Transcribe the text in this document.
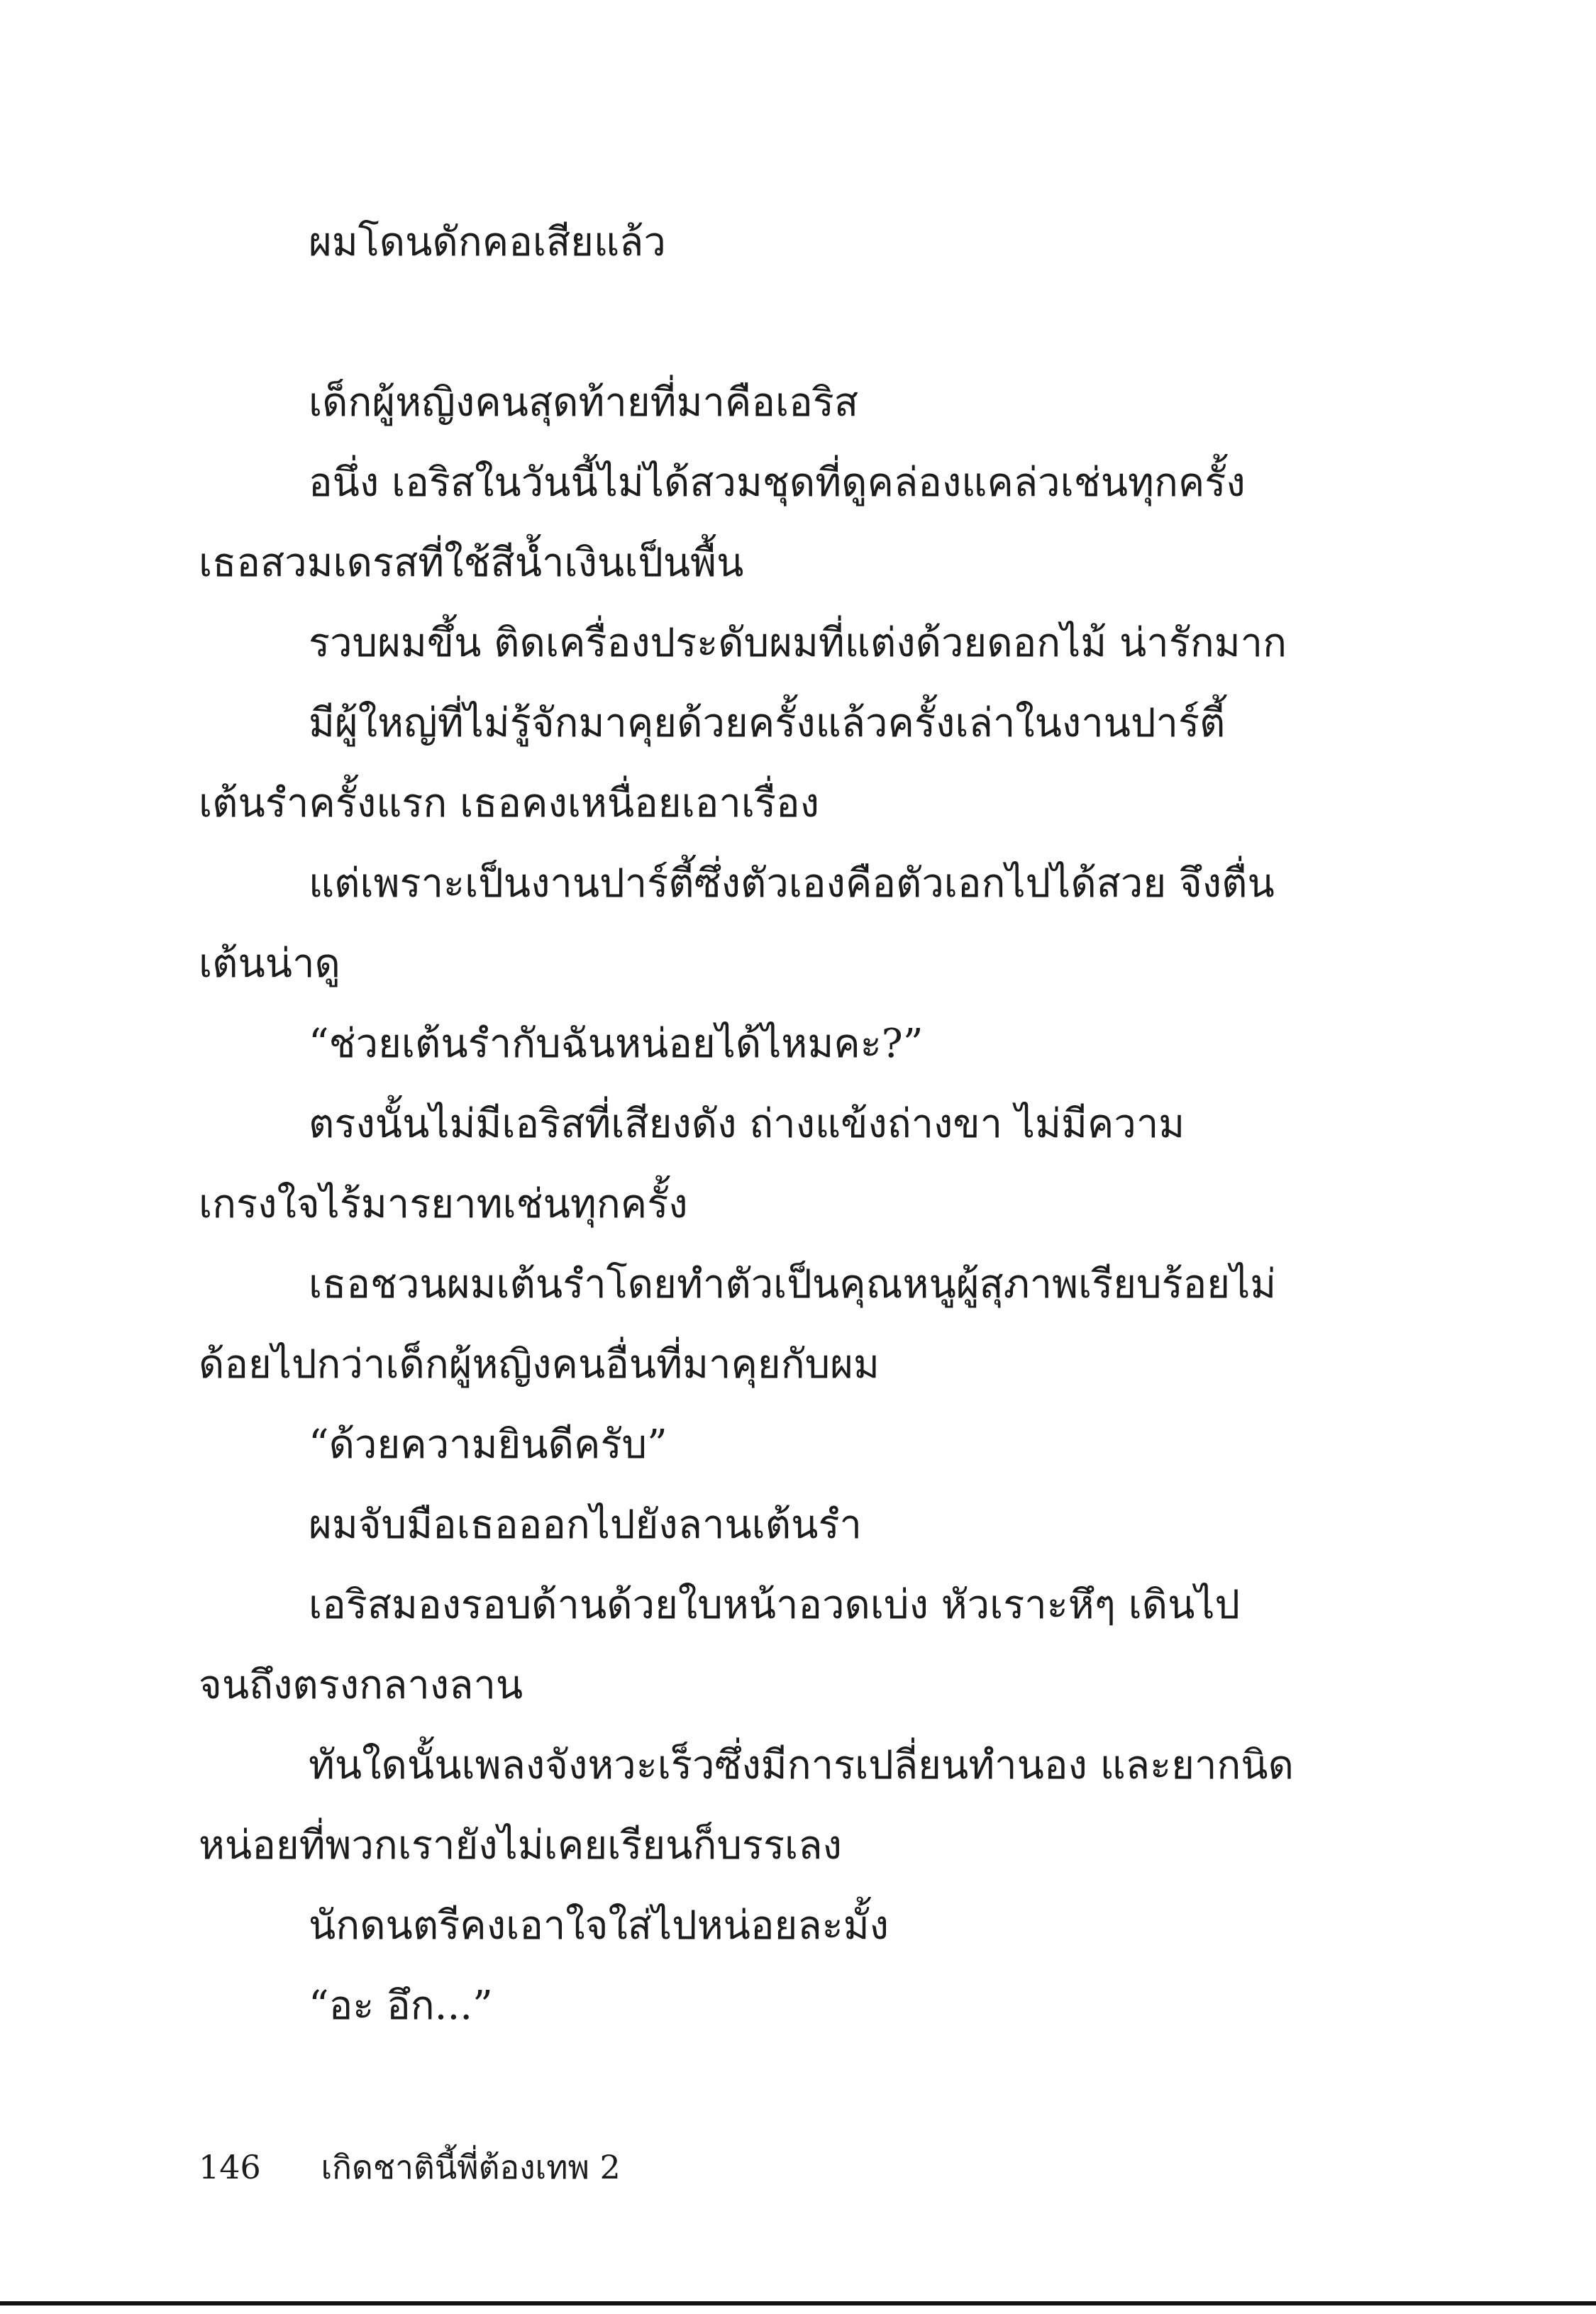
ผมโดนดักคอเสียแล้ว

เด็กผู้หญิงคนสุดท้ายที่มาคือเอริส

อนึ่ง เอริสในวันนี้ไม่ได้สวมชุดที่ดูคล่องแคล่วเช่นทุกครั้ง เธอสวมเดรสที่ใช้สีน้ำเงินเป็นพื้น

รวบผมขึ้น ติดเครื่องประดับผมที่แต่งด้วยดอกไม้ น่ารักมาก

มีผู้ใหญ่ที่ไม่รู้จักมาคุยด้วยครั้งแล้วครั้งเล่าในงานปาร์ตี้เต้นรำครั้งแรก เธอคงเหนื่อยเอาเรื่อง

แต่เพราะเป็นงานปาร์ตี้ซึ่งตัวเองคือตัวเอกไปได้สวย จึงตื่นเต้นน่าดู

“ช่วยเต้นรำกับฉันหน่อยได้ไหมคะ?”

ตรงนั้นไม่มีเอริสที่เสียงดัง ถ่างแข้งถ่างขา ไม่มีความเกรงใจไร้มารยาทเช่นทุกครั้ง

เธอชวนผมเต้นรำโดยทำตัวเป็นคุณหนูผู้สุภาพเรียบร้อยไม่ด้อยไปกว่าเด็กผู้หญิงคนอื่นที่มาคุยกับผม

“ด้วยความยินดีครับ”

ผมจับมือเธอออกไปยังลานเต้นรำ

เอริสมองรอบด้านด้วยใบหน้าอวดเบ่ง หัวเราะหึๆ เดินไปจนถึงตรงกลางลาน

ทันใดนั้นเพลงจังหวะเร็วซึ่งมีการเปลี่ยนทำนอง และยากนิดหน่อยที่พวกเรายังไม่เคยเรียนก็บรรเลง

นักดนตรีคงเอาใจใส่ไปหน่อยละมั้ง

“อะ อึก...”

146 เกิดชาตินี้พี่ต้องเทพ 2
